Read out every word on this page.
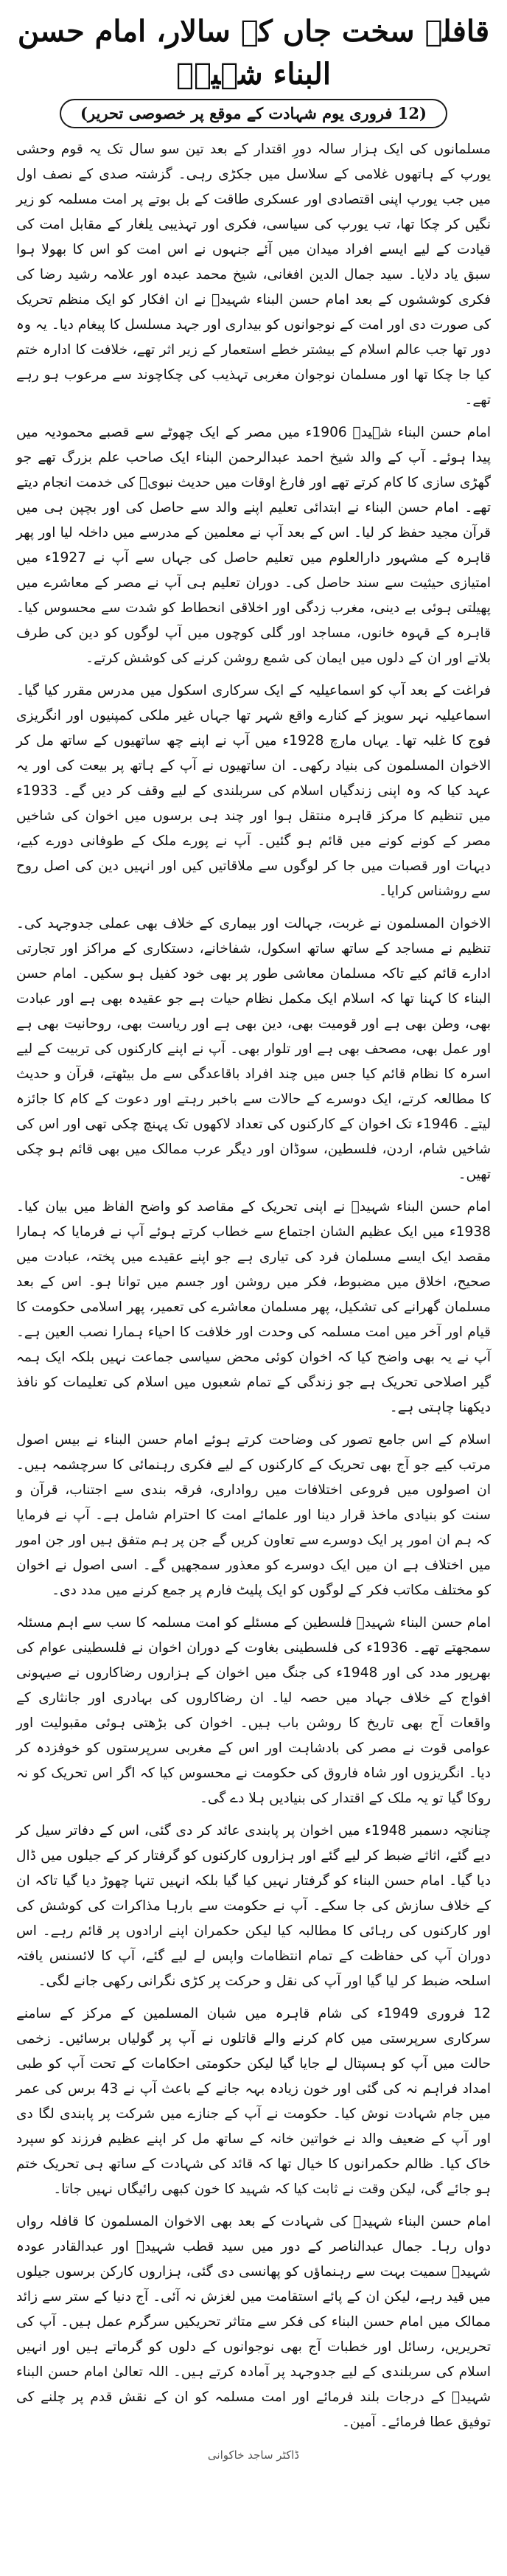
قافلہ سخت جاں کے سالار، امام حسن البناء شہیدؒ
(12 فروری یوم شہادت کے موقع پر خصوصی تحریر)

مسلمانوں کی ایک ہزار سالہ دورِ اقتدار کے بعد تین سو سال تک یہ قوم وحشی یورپ کے ہاتھوں غلامی کے سلاسل میں جکڑی رہی۔ گزشتہ صدی کے نصف اول میں جب یورپ اپنی اقتصادی اور عسکری طاقت کے بل بوتے پر امت مسلمہ کو زیر نگیں کر چکا تھا، تب یورپ کی سیاسی، فکری اور تہذیبی یلغار کے مقابل امت کی قیادت کے لیے ایسے افراد میدان میں آئے جنہوں نے اس امت کو اس کا بھولا ہوا سبق یاد دلایا۔ سید جمال الدین افغانی، شیخ محمد عبدہ اور علامہ رشید رضا کی فکری کوششوں کے بعد امام حسن البناء شہیدؒ نے ان افکار کو ایک منظم تحریک کی صورت دی اور امت کے نوجوانوں کو بیداری اور جہد مسلسل کا پیغام دیا۔ یہ وہ دور تھا جب عالم اسلام کے بیشتر خطے استعمار کے زیر اثر تھے، خلافت کا ادارہ ختم کیا جا چکا تھا اور مسلمان نوجوان مغربی تہذیب کی چکاچوند سے مرعوب ہو رہے تھے۔

امام حسن البناء شہیدؒ 1906ء میں مصر کے ایک چھوٹے سے قصبے محمودیہ میں پیدا ہوئے۔ آپ کے والد شیخ احمد عبدالرحمن البناء ایک صاحب علم بزرگ تھے جو گھڑی سازی کا کام کرتے تھے اور فارغ اوقات میں حدیث نبویؐ کی خدمت انجام دیتے تھے۔ امام حسن البناء نے ابتدائی تعلیم اپنے والد سے حاصل کی اور بچپن ہی میں قرآن مجید حفظ کر لیا۔ اس کے بعد آپ نے معلمین کے مدرسے میں داخلہ لیا اور پھر قاہرہ کے مشہور دارالعلوم میں تعلیم حاصل کی جہاں سے آپ نے 1927ء میں امتیازی حیثیت سے سند حاصل کی۔ دوران تعلیم ہی آپ نے مصر کے معاشرے میں پھیلتی ہوئی بے دینی، مغرب زدگی اور اخلاقی انحطاط کو شدت سے محسوس کیا۔ قاہرہ کے قہوہ خانوں، مساجد اور گلی کوچوں میں آپ لوگوں کو دین کی طرف بلاتے اور ان کے دلوں میں ایمان کی شمع روشن کرنے کی کوشش کرتے۔

فراغت کے بعد آپ کو اسماعیلیہ کے ایک سرکاری اسکول میں مدرس مقرر کیا گیا۔ اسماعیلیہ نہر سویز کے کنارے واقع شہر تھا جہاں غیر ملکی کمپنیوں اور انگریزی فوج کا غلبہ تھا۔ یہاں مارچ 1928ء میں آپ نے اپنے چھ ساتھیوں کے ساتھ مل کر الاخوان المسلمون کی بنیاد رکھی۔ ان ساتھیوں نے آپ کے ہاتھ پر بیعت کی اور یہ عہد کیا کہ وہ اپنی زندگیاں اسلام کی سربلندی کے لیے وقف کر دیں گے۔ 1933ء میں تنظیم کا مرکز قاہرہ منتقل ہوا اور چند ہی برسوں میں اخوان کی شاخیں مصر کے کونے کونے میں قائم ہو گئیں۔ آپ نے پورے ملک کے طوفانی دورے کیے، دیہات اور قصبات میں جا کر لوگوں سے ملاقاتیں کیں اور انہیں دین کی اصل روح سے روشناس کرایا۔

الاخوان المسلمون نے غربت، جہالت اور بیماری کے خلاف بھی عملی جدوجہد کی۔ تنظیم نے مساجد کے ساتھ ساتھ اسکول، شفاخانے، دستکاری کے مراکز اور تجارتی ادارے قائم کیے تاکہ مسلمان معاشی طور پر بھی خود کفیل ہو سکیں۔ امام حسن البناء کا کہنا تھا کہ اسلام ایک مکمل نظام حیات ہے جو عقیدہ بھی ہے اور عبادت بھی، وطن بھی ہے اور قومیت بھی، دین بھی ہے اور ریاست بھی، روحانیت بھی ہے اور عمل بھی، مصحف بھی ہے اور تلوار بھی۔ آپ نے اپنے کارکنوں کی تربیت کے لیے اسرہ کا نظام قائم کیا جس میں چند افراد باقاعدگی سے مل بیٹھتے، قرآن و حدیث کا مطالعہ کرتے، ایک دوسرے کے حالات سے باخبر رہتے اور دعوت کے کام کا جائزہ لیتے۔ 1946ء تک اخوان کے کارکنوں کی تعداد لاکھوں تک پہنچ چکی تھی اور اس کی شاخیں شام، اردن، فلسطین، سوڈان اور دیگر عرب ممالک میں بھی قائم ہو چکی تھیں۔

امام حسن البناء شہیدؒ نے اپنی تحریک کے مقاصد کو واضح الفاظ میں بیان کیا۔ 1938ء میں ایک عظیم الشان اجتماع سے خطاب کرتے ہوئے آپ نے فرمایا کہ ہمارا مقصد ایک ایسے مسلمان فرد کی تیاری ہے جو اپنے عقیدے میں پختہ، عبادت میں صحیح، اخلاق میں مضبوط، فکر میں روشن اور جسم میں توانا ہو۔ اس کے بعد مسلمان گھرانے کی تشکیل، پھر مسلمان معاشرے کی تعمیر، پھر اسلامی حکومت کا قیام اور آخر میں امت مسلمہ کی وحدت اور خلافت کا احیاء ہمارا نصب العین ہے۔ آپ نے یہ بھی واضح کیا کہ اخوان کوئی محض سیاسی جماعت نہیں بلکہ ایک ہمہ گیر اصلاحی تحریک ہے جو زندگی کے تمام شعبوں میں اسلام کی تعلیمات کو نافذ دیکھنا چاہتی ہے۔

اسلام کے اس جامع تصور کی وضاحت کرتے ہوئے امام حسن البناء نے بیس اصول مرتب کیے جو آج بھی تحریک کے کارکنوں کے لیے فکری رہنمائی کا سرچشمہ ہیں۔ ان اصولوں میں فروعی اختلافات میں رواداری، فرقہ بندی سے اجتناب، قرآن و سنت کو بنیادی ماخذ قرار دینا اور علمائے امت کا احترام شامل ہے۔ آپ نے فرمایا کہ ہم ان امور پر ایک دوسرے سے تعاون کریں گے جن پر ہم متفق ہیں اور جن امور میں اختلاف ہے ان میں ایک دوسرے کو معذور سمجھیں گے۔ اسی اصول نے اخوان کو مختلف مکاتب فکر کے لوگوں کو ایک پلیٹ فارم پر جمع کرنے میں مدد دی۔

امام حسن البناء شہیدؒ فلسطین کے مسئلے کو امت مسلمہ کا سب سے اہم مسئلہ سمجھتے تھے۔ 1936ء کی فلسطینی بغاوت کے دوران اخوان نے فلسطینی عوام کی بھرپور مدد کی اور 1948ء کی جنگ میں اخوان کے ہزاروں رضاکاروں نے صیہونی افواج کے خلاف جہاد میں حصہ لیا۔ ان رضاکاروں کی بہادری اور جانثاری کے واقعات آج بھی تاریخ کا روشن باب ہیں۔ اخوان کی بڑھتی ہوئی مقبولیت اور عوامی قوت نے مصر کی بادشاہت اور اس کے مغربی سرپرستوں کو خوفزدہ کر دیا۔ انگریزوں اور شاہ فاروق کی حکومت نے محسوس کیا کہ اگر اس تحریک کو نہ روکا گیا تو یہ ملک کے اقتدار کی بنیادیں ہلا دے گی۔

چنانچہ دسمبر 1948ء میں اخوان پر پابندی عائد کر دی گئی، اس کے دفاتر سیل کر دیے گئے، اثاثے ضبط کر لیے گئے اور ہزاروں کارکنوں کو گرفتار کر کے جیلوں میں ڈال دیا گیا۔ امام حسن البناء کو گرفتار نہیں کیا گیا بلکہ انہیں تنہا چھوڑ دیا گیا تاکہ ان کے خلاف سازش کی جا سکے۔ آپ نے حکومت سے بارہا مذاکرات کی کوشش کی اور کارکنوں کی رہائی کا مطالبہ کیا لیکن حکمران اپنے ارادوں پر قائم رہے۔ اس دوران آپ کی حفاظت کے تمام انتظامات واپس لے لیے گئے، آپ کا لائسنس یافتہ اسلحہ ضبط کر لیا گیا اور آپ کی نقل و حرکت پر کڑی نگرانی رکھی جانے لگی۔

12 فروری 1949ء کی شام قاہرہ میں شبان المسلمین کے مرکز کے سامنے سرکاری سرپرستی میں کام کرنے والے قاتلوں نے آپ پر گولیاں برسائیں۔ زخمی حالت میں آپ کو ہسپتال لے جایا گیا لیکن حکومتی احکامات کے تحت آپ کو طبی امداد فراہم نہ کی گئی اور خون زیادہ بہہ جانے کے باعث آپ نے 43 برس کی عمر میں جام شہادت نوش کیا۔ حکومت نے آپ کے جنازے میں شرکت پر پابندی لگا دی اور آپ کے ضعیف والد نے خواتین خانہ کے ساتھ مل کر اپنے عظیم فرزند کو سپرد خاک کیا۔ ظالم حکمرانوں کا خیال تھا کہ قائد کی شہادت کے ساتھ ہی تحریک ختم ہو جائے گی، لیکن وقت نے ثابت کیا کہ شہید کا خون کبھی رائیگاں نہیں جاتا۔

امام حسن البناء شہیدؒ کی شہادت کے بعد بھی الاخوان المسلمون کا قافلہ رواں دواں رہا۔ جمال عبدالناصر کے دور میں سید قطب شہیدؒ اور عبدالقادر عودہ شہیدؒ سمیت بہت سے رہنماؤں کو پھانسی دی گئی، ہزاروں کارکن برسوں جیلوں میں قید رہے، لیکن ان کے پائے استقامت میں لغزش نہ آئی۔ آج دنیا کے ستر سے زائد ممالک میں امام حسن البناء کی فکر سے متاثر تحریکیں سرگرم عمل ہیں۔ آپ کی تحریریں، رسائل اور خطبات آج بھی نوجوانوں کے دلوں کو گرماتے ہیں اور انہیں اسلام کی سربلندی کے لیے جدوجہد پر آمادہ کرتے ہیں۔ اللہ تعالیٰ امام حسن البناء شہیدؒ کے درجات بلند فرمائے اور امت مسلمہ کو ان کے نقش قدم پر چلنے کی توفیق عطا فرمائے۔ آمین۔

ڈاکٹر ساجد خاکوانی
